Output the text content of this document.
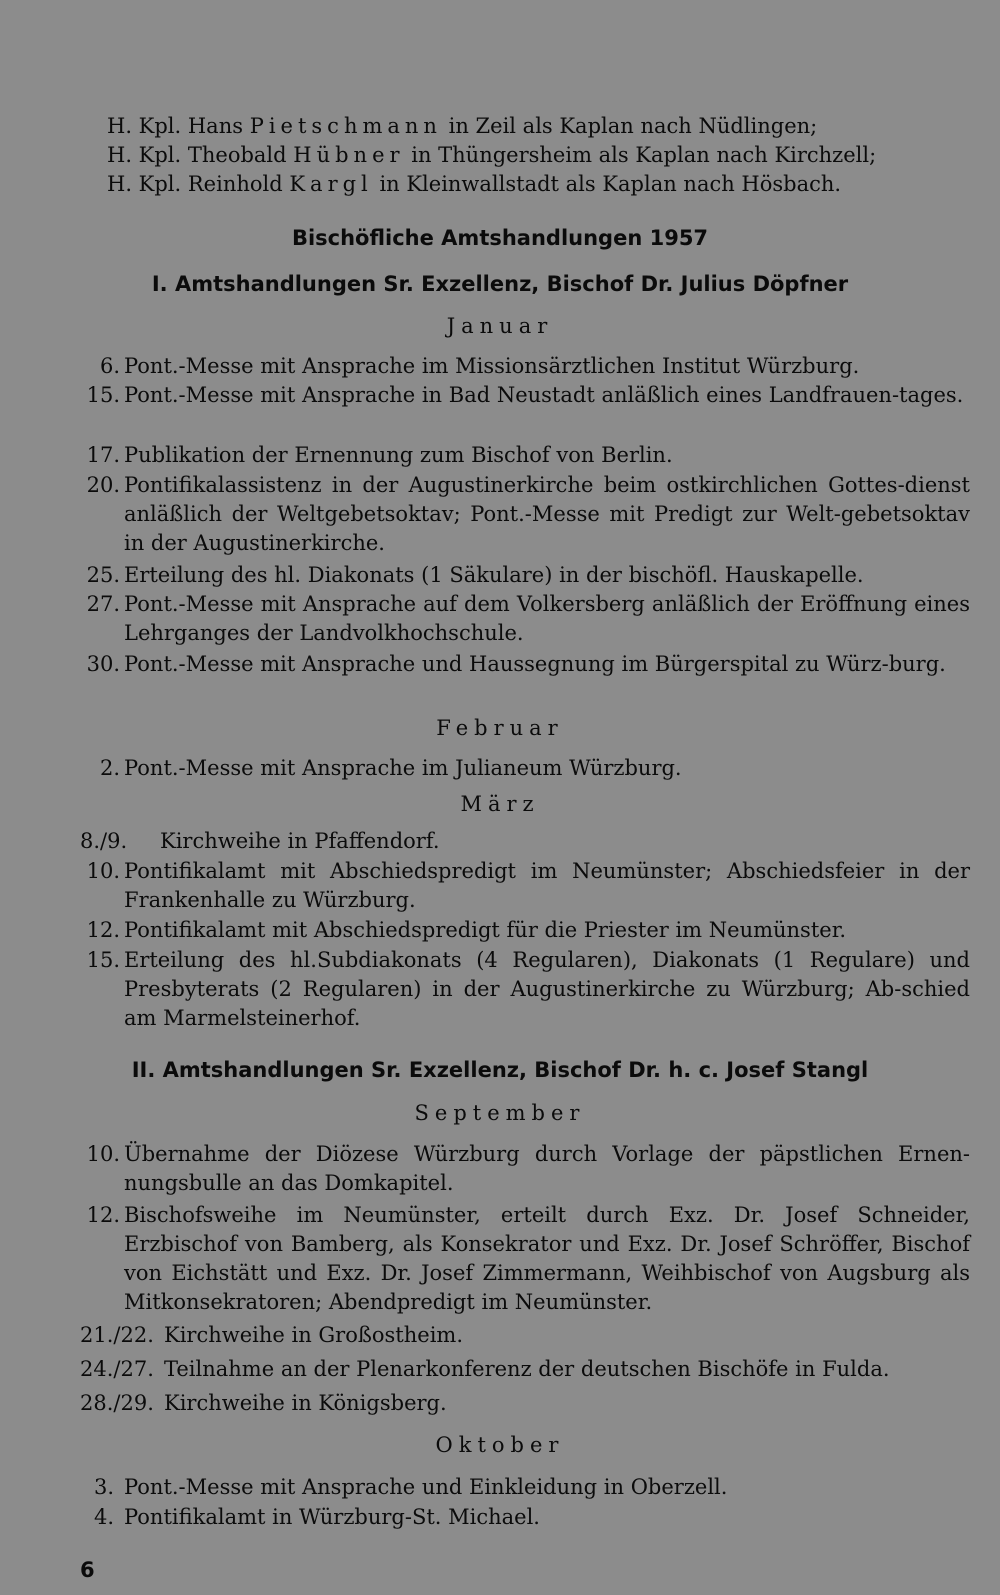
H. Kpl. Hans Pietschmann in Zeil als Kaplan nach Nüdlingen;
H. Kpl. Theobald Hübner in Thüngersheim als Kaplan nach Kirchzell;
H. Kpl. Reinhold Kargl in Kleinwallstadt als Kaplan nach Hösbach.
Bischöfliche Amtshandlungen 1957
I. Amtshandlungen Sr. Exzellenz, Bischof Dr. Julius Döpfner
Januar
6. Pont.-Messe mit Ansprache im Missionsärztlichen Institut Würzburg.
15. Pont.-Messe mit Ansprache in Bad Neustadt anläßlich eines Landfrauen-tages.
17. Publikation der Ernennung zum Bischof von Berlin.
20. Pontifikalassistenz in der Augustinerkirche beim ostkirchlichen Gottes-dienst anläßlich der Weltgebetsoktav; Pont.-Messe mit Predigt zur Welt-gebetsoktav in der Augustinerkirche.
25. Erteilung des hl. Diakonats (1 Säkulare) in der bischöfl. Hauskapelle.
27. Pont.-Messe mit Ansprache auf dem Volkersberg anläßlich der Eröffnung eines Lehrganges der Landvolkhochschule.
30. Pont.-Messe mit Ansprache und Haussegnung im Bürgerspital zu Würz-burg.
Februar
2. Pont.-Messe mit Ansprache im Julianeum Würzburg.
März
8./9.	Kirchweihe in Pfaffendorf.
10. Pontifikalamt mit Abschiedspredigt im Neumünster; Abschiedsfeier in der Frankenhalle zu Würzburg.
12. Pontifikalamt mit Abschiedspredigt für die Priester im Neumünster.
15. Erteilung des hl.Subdiakonats (4 Regularen), Diakonats (1 Regulare) und Presbyterats (2 Regularen) in der Augustinerkirche zu Würzburg; Ab-schied am Marmelsteinerhof.
II. Amtshandlungen Sr. Exzellenz, Bischof Dr. h. c. Josef Stangl
September
10. Übernahme der Diözese Würzburg durch Vorlage der päpstlichen Ernen-nungsbulle an das Domkapitel.
12. Bischofsweihe im Neumünster, erteilt durch Exz. Dr. Josef Schneider, Erzbischof von Bamberg, als Konsekrator und Exz. Dr. Josef Schröffer, Bischof von Eichstätt und Exz. Dr. Josef Zimmermann, Weihbischof von Augsburg als Mitkonsekratoren; Abendpredigt im Neumünster.
21./22. Kirchweihe in Großostheim.
24./27. Teilnahme an der Plenarkonferenz der deutschen Bischöfe in Fulda.
28./29. Kirchweihe in Königsberg.
Oktober
3. Pont.-Messe mit Ansprache und Einkleidung in Oberzell.
4. Pontifikalamt in Würzburg-St. Michael.
6
